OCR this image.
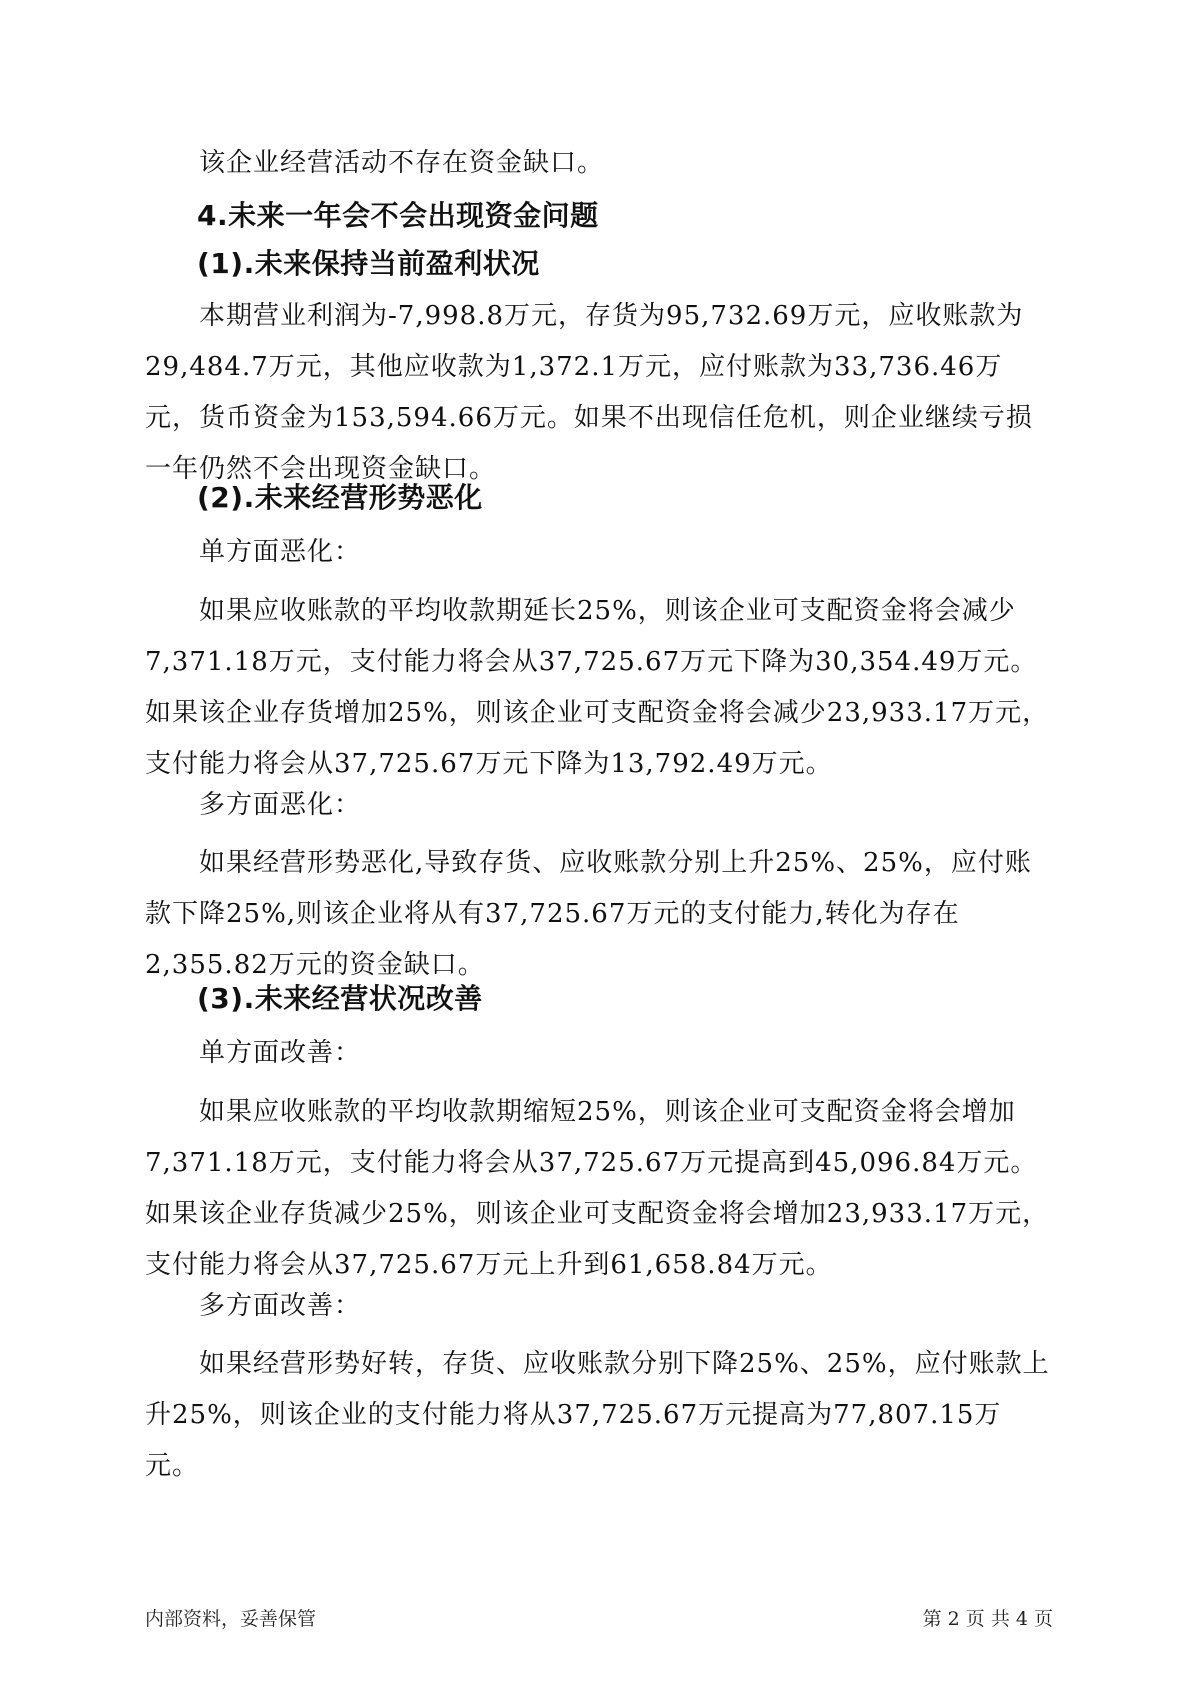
该企业经营活动不存在资金缺口。

4.未来一年会不会出现资金问题
(1).未来保持当前盈利状况

本期营业利润为-7,998.8万元，存货为95,732.69万元，应收账款为29,484.7万元，其他应收款为1,372.1万元，应付账款为33,736.46万元，货币资金为153,594.66万元。如果不出现信任危机，则企业继续亏损一年仍然不会出现资金缺口。

(2).未来经营形势恶化

单方面恶化：

如果应收账款的平均收款期延长25%，则该企业可支配资金将会减少7,371.18万元，支付能力将会从37,725.67万元下降为30,354.49万元。如果该企业存货增加25%，则该企业可支配资金将会减少23,933.17万元，支付能力将会从37,725.67万元下降为13,792.49万元。

多方面恶化：

如果经营形势恶化,导致存货、应收账款分别上升25%、25%，应付账款下降25%,则该企业将从有37,725.67万元的支付能力,转化为存在2,355.82万元的资金缺口。

(3).未来经营状况改善

单方面改善：

如果应收账款的平均收款期缩短25%，则该企业可支配资金将会增加7,371.18万元，支付能力将会从37,725.67万元提高到45,096.84万元。如果该企业存货减少25%，则该企业可支配资金将会增加23,933.17万元，支付能力将会从37,725.67万元上升到61,658.84万元。

多方面改善：

如果经营形势好转，存货、应收账款分别下降25%、25%，应付账款上升25%，则该企业的支付能力将从37,725.67万元提高为77,807.15万元。

内部资料，妥善保管	第 2 页 共 4 页
